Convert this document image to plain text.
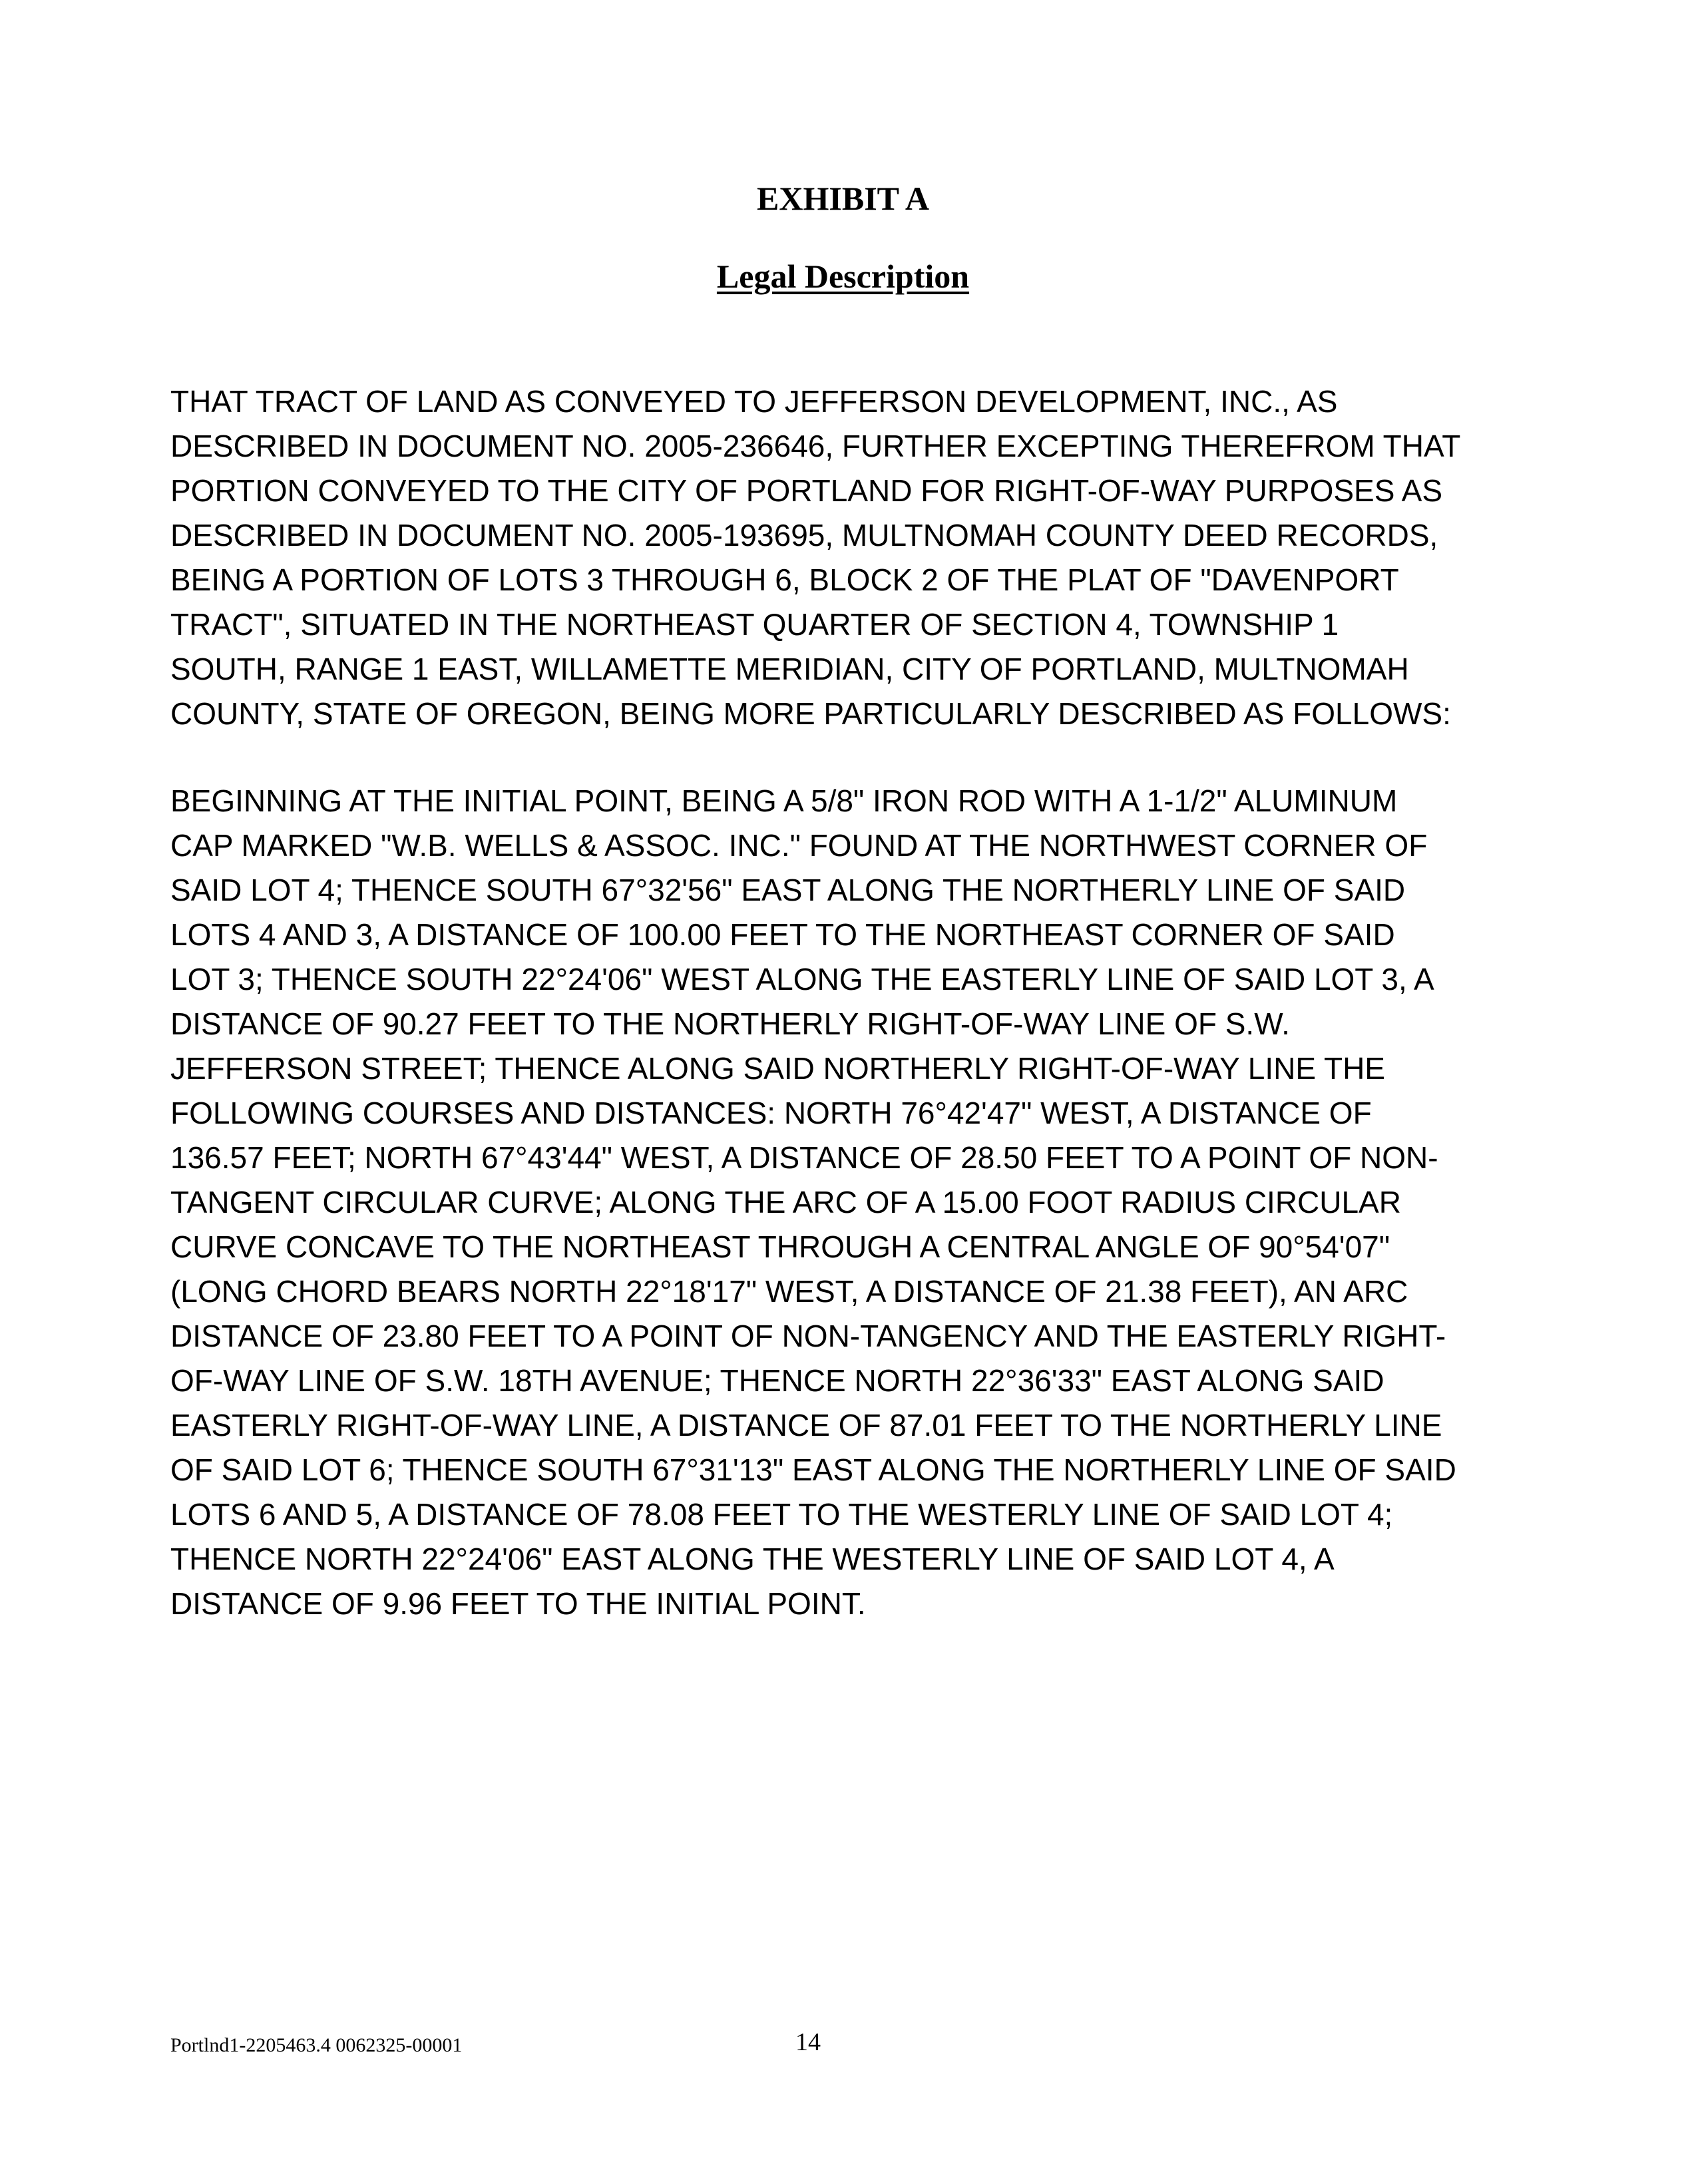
EXHIBIT A
Legal Description

THAT TRACT OF LAND AS CONVEYED TO JEFFERSON DEVELOPMENT, INC., AS
DESCRIBED IN DOCUMENT NO. 2005-236646, FURTHER EXCEPTING THEREFROM THAT
PORTION CONVEYED TO THE CITY OF PORTLAND FOR RIGHT-OF-WAY PURPOSES AS
DESCRIBED IN DOCUMENT NO. 2005-193695, MULTNOMAH COUNTY DEED RECORDS,
BEING A PORTION OF LOTS 3 THROUGH 6, BLOCK 2 OF THE PLAT OF "DAVENPORT
TRACT", SITUATED IN THE NORTHEAST QUARTER OF SECTION 4, TOWNSHIP 1
SOUTH, RANGE 1 EAST, WILLAMETTE MERIDIAN, CITY OF PORTLAND, MULTNOMAH
COUNTY, STATE OF OREGON, BEING MORE PARTICULARLY DESCRIBED AS FOLLOWS:

BEGINNING AT THE INITIAL POINT, BEING A 5/8" IRON ROD WITH A 1-1/2" ALUMINUM
CAP MARKED "W.B. WELLS & ASSOC. INC." FOUND AT THE NORTHWEST CORNER OF
SAID LOT 4; THENCE SOUTH 67°32'56" EAST ALONG THE NORTHERLY LINE OF SAID
LOTS 4 AND 3, A DISTANCE OF 100.00 FEET TO THE NORTHEAST CORNER OF SAID
LOT 3; THENCE SOUTH 22°24'06" WEST ALONG THE EASTERLY LINE OF SAID LOT 3, A
DISTANCE OF 90.27 FEET TO THE NORTHERLY RIGHT-OF-WAY LINE OF S.W.
JEFFERSON STREET; THENCE ALONG SAID NORTHERLY RIGHT-OF-WAY LINE THE
FOLLOWING COURSES AND DISTANCES: NORTH 76°42'47" WEST, A DISTANCE OF
136.57 FEET; NORTH 67°43'44" WEST, A DISTANCE OF 28.50 FEET TO A POINT OF NON-
TANGENT CIRCULAR CURVE; ALONG THE ARC OF A 15.00 FOOT RADIUS CIRCULAR
CURVE CONCAVE TO THE NORTHEAST THROUGH A CENTRAL ANGLE OF 90°54'07"
(LONG CHORD BEARS NORTH 22°18'17" WEST, A DISTANCE OF 21.38 FEET), AN ARC
DISTANCE OF 23.80 FEET TO A POINT OF NON-TANGENCY AND THE EASTERLY RIGHT-
OF-WAY LINE OF S.W. 18TH AVENUE; THENCE NORTH 22°36'33" EAST ALONG SAID
EASTERLY RIGHT-OF-WAY LINE, A DISTANCE OF 87.01 FEET TO THE NORTHERLY LINE
OF SAID LOT 6; THENCE SOUTH 67°31'13" EAST ALONG THE NORTHERLY LINE OF SAID
LOTS 6 AND 5, A DISTANCE OF 78.08 FEET TO THE WESTERLY LINE OF SAID LOT 4;
THENCE NORTH 22°24'06" EAST ALONG THE WESTERLY LINE OF SAID LOT 4, A
DISTANCE OF 9.96 FEET TO THE INITIAL POINT.

Portlnd1-2205463.4 0062325-00001	14
